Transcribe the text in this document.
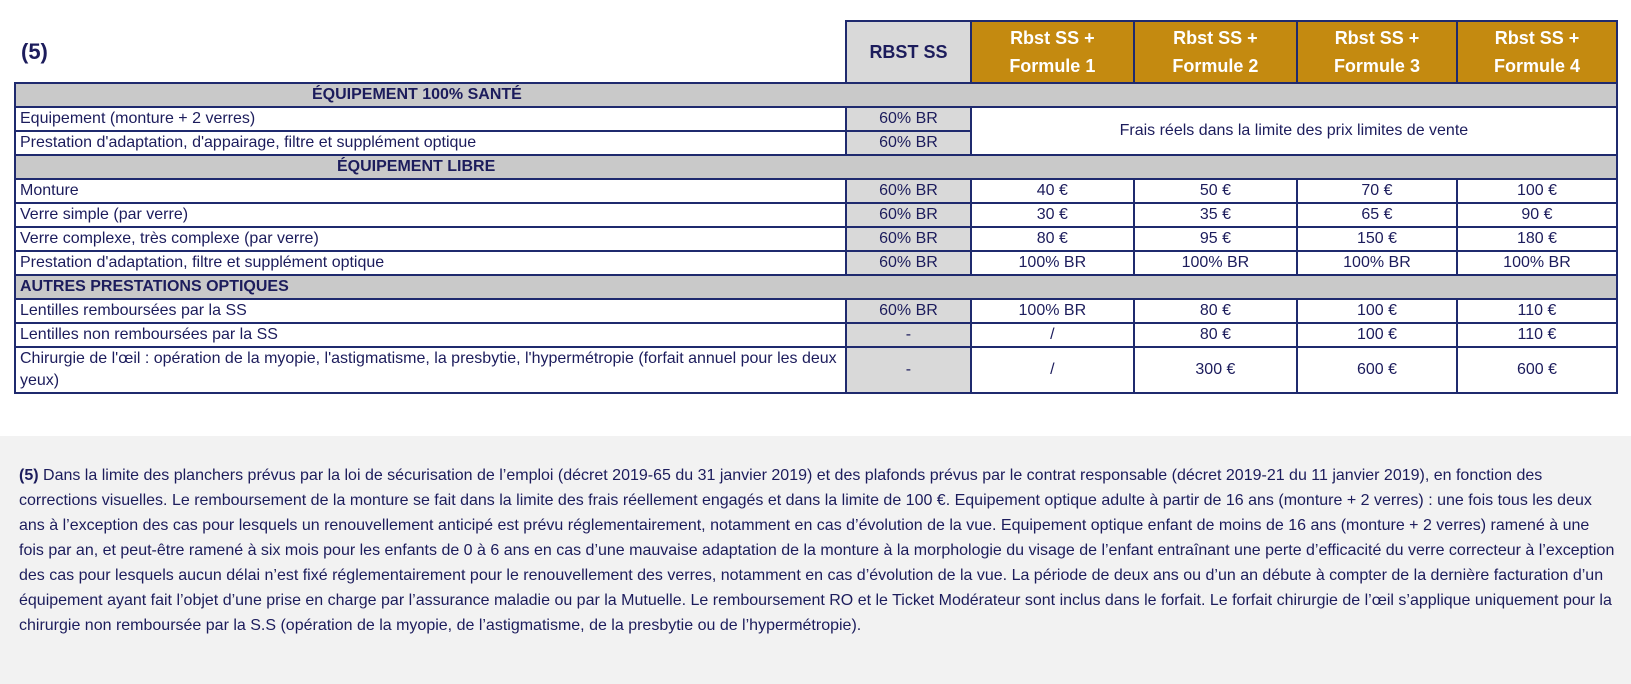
(5)	RBST SS	Rbst SS + Formule 1	Rbst SS + Formule 2	Rbst SS + Formule 3	Rbst SS + Formule 4
ÉQUIPEMENT 100% SANTÉ					
Equipement (monture + 2 verres)	60% BR	Frais réels dans la limite des prix limites de vente			
Prestation d'adaptation, d'appairage, filtre et supplément optique	60% BR				
ÉQUIPEMENT LIBRE					
Monture	60% BR	40 €	50 €	70 €	100 €
Verre simple (par verre)	60% BR	30 €	35 €	65 €	90 €
Verre complexe, très complexe (par verre)	60% BR	80 €	95 €	150 €	180 €
Prestation d'adaptation, filtre et supplément optique	60% BR	100% BR	100% BR	100% BR	100% BR
AUTRES PRESTATIONS OPTIQUES					
Lentilles remboursées par la SS	60% BR	100% BR	80 €	100 €	110 €
Lentilles non remboursées par la SS	-	/	80 €	100 €	110 €
Chirurgie de l'œil : opération de la myopie, l'astigmatisme, la presbytie, l'hypermétropie (forfait annuel pour les deux yeux)	-	/	300 €	600 €	600 €

(5) Dans la limite des planchers prévus par la loi de sécurisation de l’emploi (décret 2019-65 du 31 janvier 2019) et des plafonds prévus par le contrat responsable (décret 2019-21 du 11 janvier 2019), en fonction des corrections visuelles. Le remboursement de la monture se fait dans la limite des frais réellement engagés et dans la limite de 100 €. Equipement optique adulte à partir de 16 ans (monture + 2 verres) : une fois tous les deux ans à l’exception des cas pour lesquels un renouvellement anticipé est prévu réglementairement, notamment en cas d’évolution de la vue. Equipement optique enfant de moins de 16 ans (monture + 2 verres) ramené à une fois par an, et peut-être ramené à six mois pour les enfants de 0 à 6 ans en cas d’une mauvaise adaptation de la monture à la morphologie du visage de l’enfant entraînant une perte d’efficacité du verre correcteur à l’exception des cas pour lesquels aucun délai n’est fixé réglementairement pour le renouvellement des verres, notamment en cas d’évolution de la vue. La période de deux ans ou d’un an débute à compter de la dernière facturation d’un équipement ayant fait l’objet d’une prise en charge par l’assurance maladie ou par la Mutuelle. Le remboursement RO et le Ticket Modérateur sont inclus dans le forfait. Le forfait chirurgie de l’œil s’applique uniquement pour la chirurgie non remboursée par la S.S (opération de la myopie, de l’astigmatisme, de la presbytie ou de l’hypermétropie).
